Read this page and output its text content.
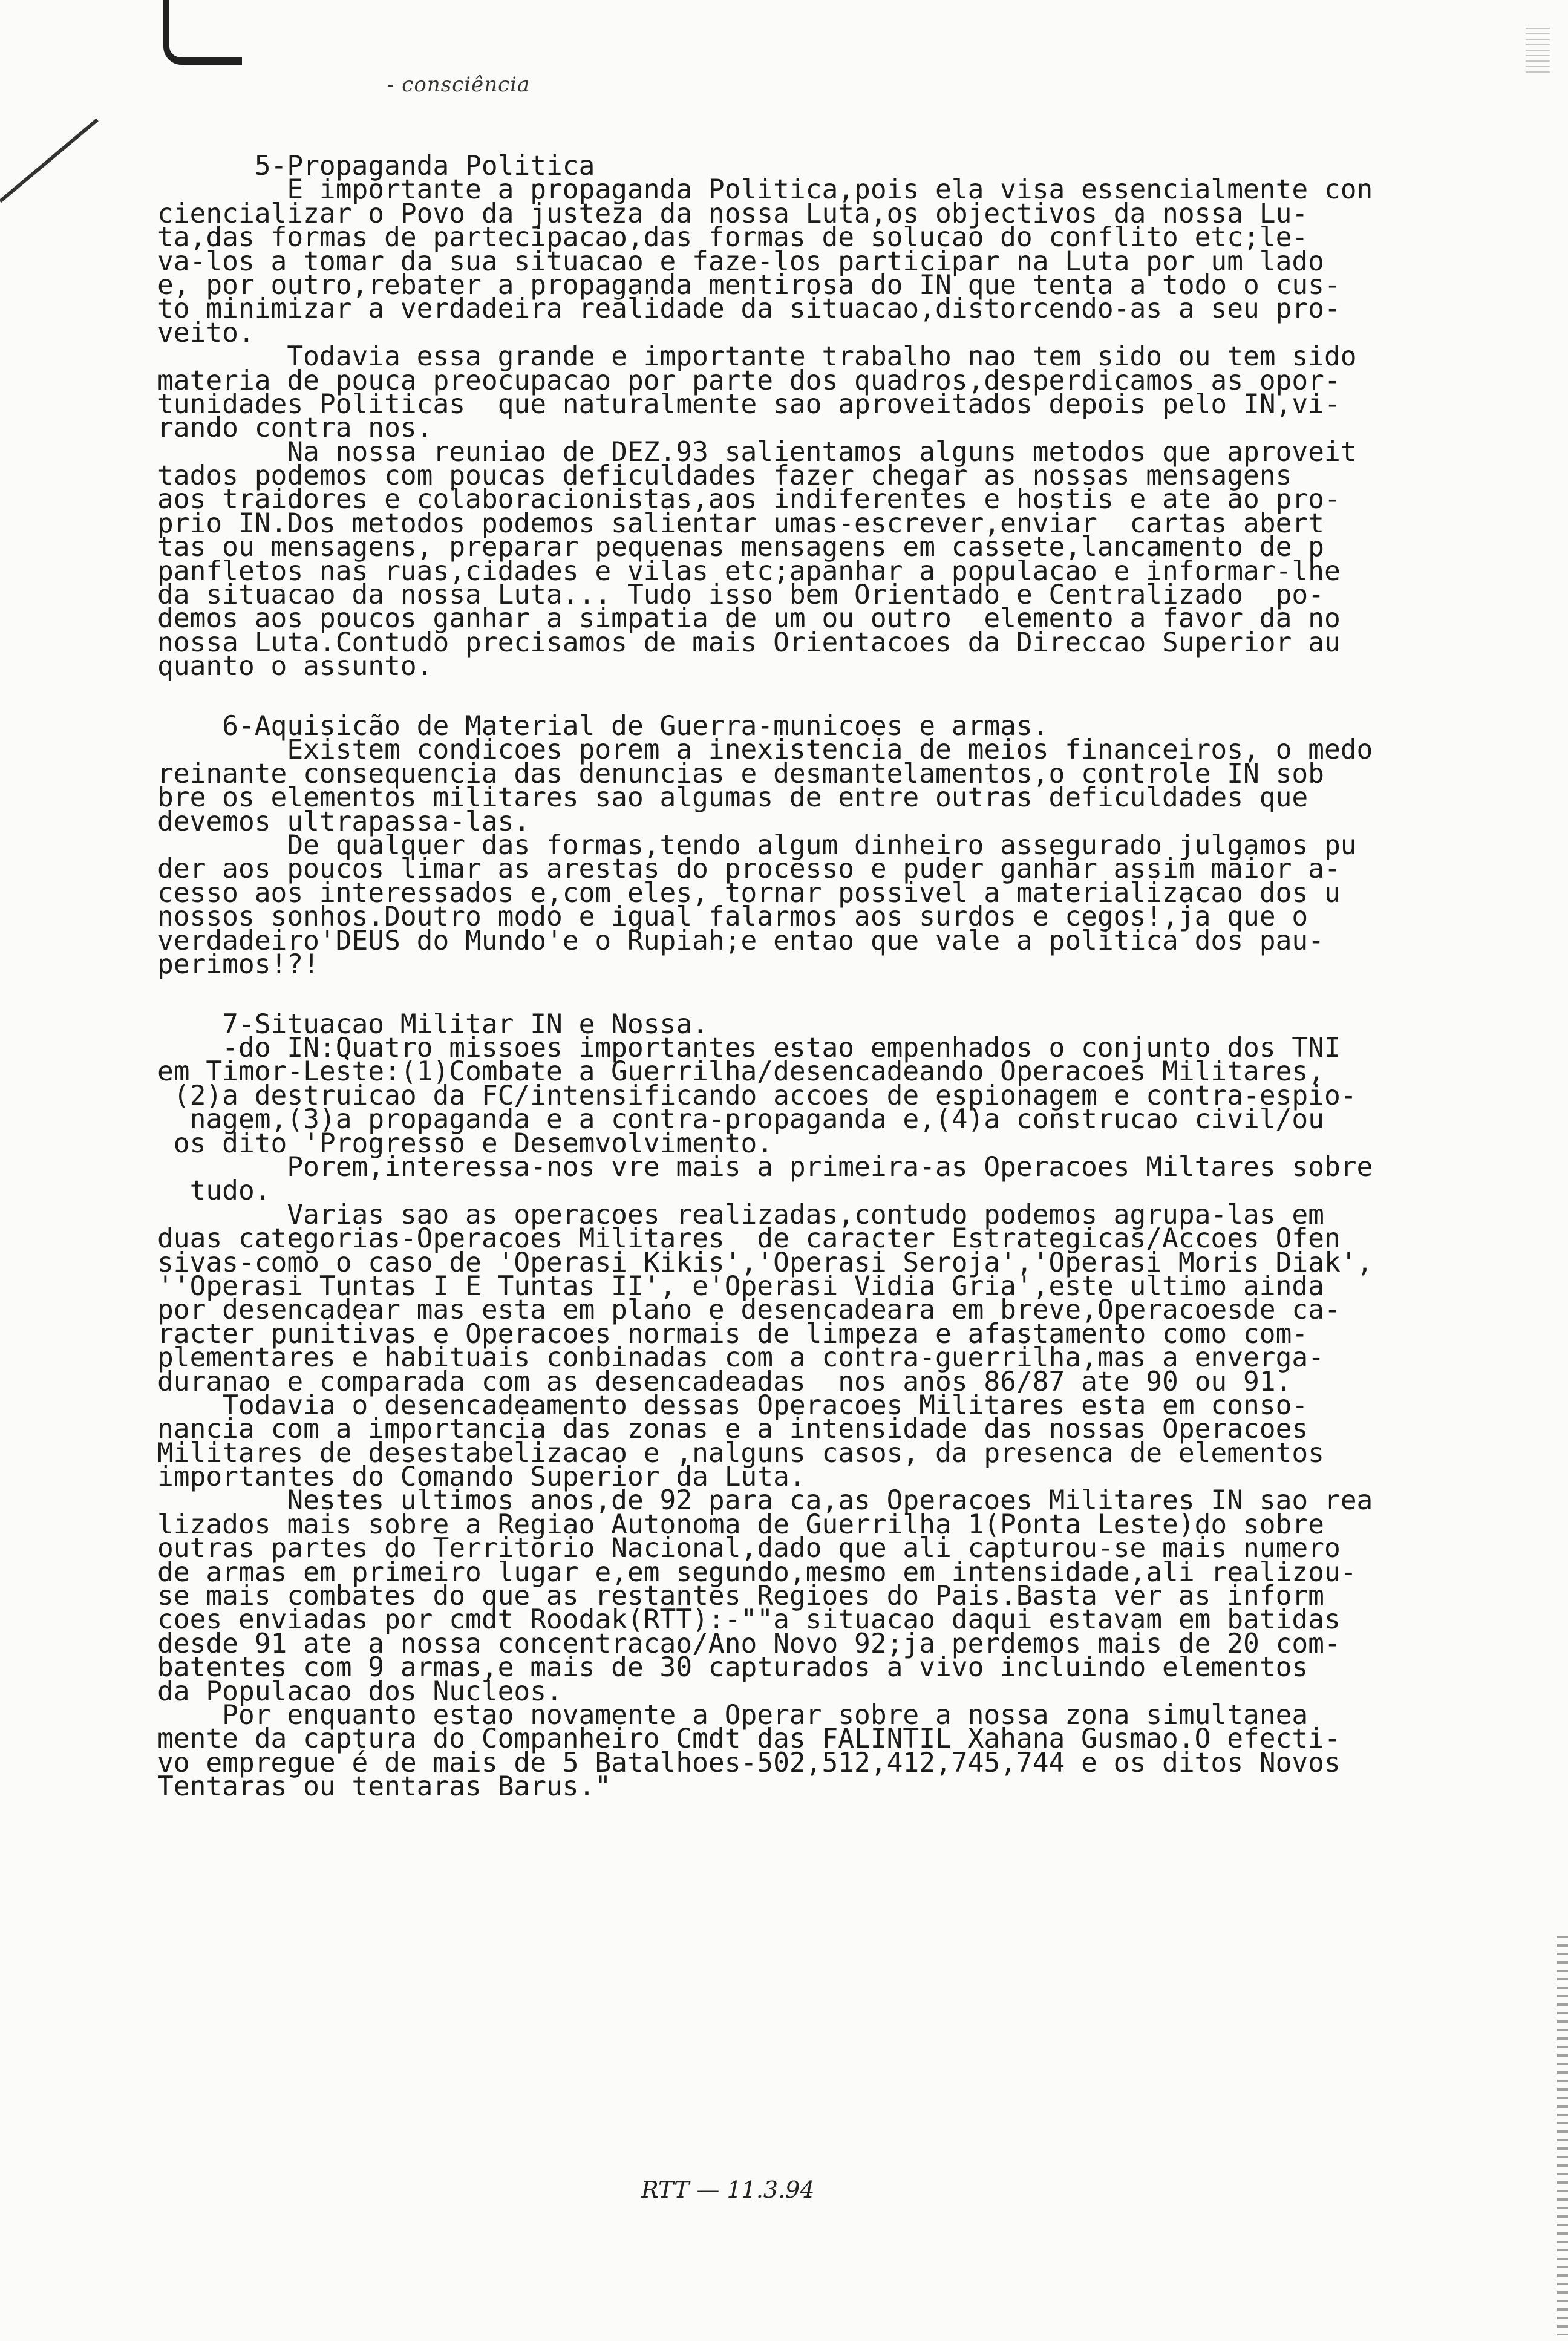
- consciência
5-Propaganda Politica
E importante a propaganda Politica,pois ela visa essencialmente con
ciencializar o Povo da justeza da nossa Luta,os objectivos da nossa Lu-
ta,das formas de partecipacao,das formas de solucao do conflito etc;le-
va-los a tomar da sua situacao e faze-los participar na Luta por um lado
e, por outro,rebater a propaganda mentirosa do IN que tenta a todo o cus-
to minimizar a verdadeira realidade da situacao,distorcendo-as a seu pro-
veito.
Todavia essa grande e importante trabalho nao tem sido ou tem sido
materia de pouca preocupacao por parte dos quadros,desperdicamos as opor-
tunidades Politicas  que naturalmente sao aproveitados depois pelo IN,vi-
rando contra nos.
Na nossa reuniao de DEZ.93 salientamos alguns metodos que aproveit
tados podemos com poucas deficuldades fazer chegar as nossas mensagens
aos traidores e colaboracionistas,aos indiferentes e hostis e ate ao pro-
prio IN.Dos metodos podemos salientar umas-escrever,enviar  cartas abert
tas ou mensagens, preparar pequenas mensagens em cassete,lancamento de p
panfletos nas ruas,cidades e vilas etc;apanhar a populacao e informar-lhe
da situacao da nossa Luta... Tudo isso bem Orientado e Centralizado  po-
demos aos poucos ganhar a simpatia de um ou outro  elemento a favor da no
nossa Luta.Contudo precisamos de mais Orientacoes da Direccao Superior au
quanto o assunto.
6-Aquisicão de Material de Guerra-municoes e armas.
Existem condicoes porem a inexistencia de meios financeiros, o medo
reinante consequencia das denuncias e desmantelamentos,o controle IN sob
bre os elementos militares sao algumas de entre outras deficuldades que
devemos ultrapassa-las.
De qualquer das formas,tendo algum dinheiro assegurado julgamos pu
der aos poucos limar as arestas do processo e puder ganhar assim maior a-
cesso aos interessados e,com eles, tornar possivel a materializacao dos u
nossos sonhos.Doutro modo e igual falarmos aos surdos e cegos!,ja que o
verdadeiro'DEUS do Mundo'e o Rupiah;e entao que vale a politica dos pau-
perimos!?!
7-Situacao Militar IN e Nossa.
-do IN:Quatro missoes importantes estao empenhados o conjunto dos TNI
em Timor-Leste:(1)Combate a Guerrilha/desencadeando Operacoes Militares,
(2)a destruicao da FC/intensificando accoes de espionagem e contra-espio-
nagem,(3)a propaganda e a contra-propaganda e,(4)a construcao civil/ou
os dito 'Progresso e Desemvolvimento.
Porem,interessa-nos vre mais a primeira-as Operacoes Miltares sobre
tudo.
Varias sao as operacoes realizadas,contudo podemos agrupa-las em
duas categorias-Operacoes Militares  de caracter Estrategicas/Accoes Ofen
sivas-como o caso de 'Operasi Kikis','Operasi Seroja','Operasi Moris Diak',
''Operasi Tuntas I E Tuntas II', e'Operasi Vidia Gria',este ultimo ainda
por desencadear mas esta em plano e desencadeara em breve,Operacoesde ca-
racter punitivas e Operacoes normais de limpeza e afastamento como com-
plementares e habituais conbinadas com a contra-guerrilha,mas a enverga-
duranao e comparada com as desencadeadas  nos anos 86/87 ate 90 ou 91.
Todavia o desencadeamento dessas Operacoes Militares esta em conso-
nancia com a importancia das zonas e a intensidade das nossas Operacoes
Militares de desestabelizacao e ,nalguns casos, da presenca de elementos
importantes do Comando Superior da Luta.
Nestes ultimos anos,de 92 para ca,as Operacoes Militares IN sao rea
lizados mais sobre a Regiao Autonoma de Guerrilha 1(Ponta Leste)do sobre
outras partes do Territorio Nacional,dado que ali capturou-se mais numero
de armas em primeiro lugar e,em segundo,mesmo em intensidade,ali realizou-
se mais combates do que as restantes Regioes do Pais.Basta ver as inform
coes enviadas por cmdt Roodak(RTT):-""a situacao daqui estavam em batidas
desde 91 ate a nossa concentracao/Ano Novo 92;ja perdemos mais de 20 com-
batentes com 9 armas,e mais de 30 capturados a vivo incluindo elementos
da Populacao dos Nucleos.
Por enquanto estao novamente a Operar sobre a nossa zona simultanea
mente da captura do Companheiro Cmdt das FALINTIL Xahana Gusmao.O efecti-
vo empregue é de mais de 5 Batalhoes-502,512,412,745,744 e os ditos Novos
Tentaras ou tentaras Barus."
RTT — 11.3.94
